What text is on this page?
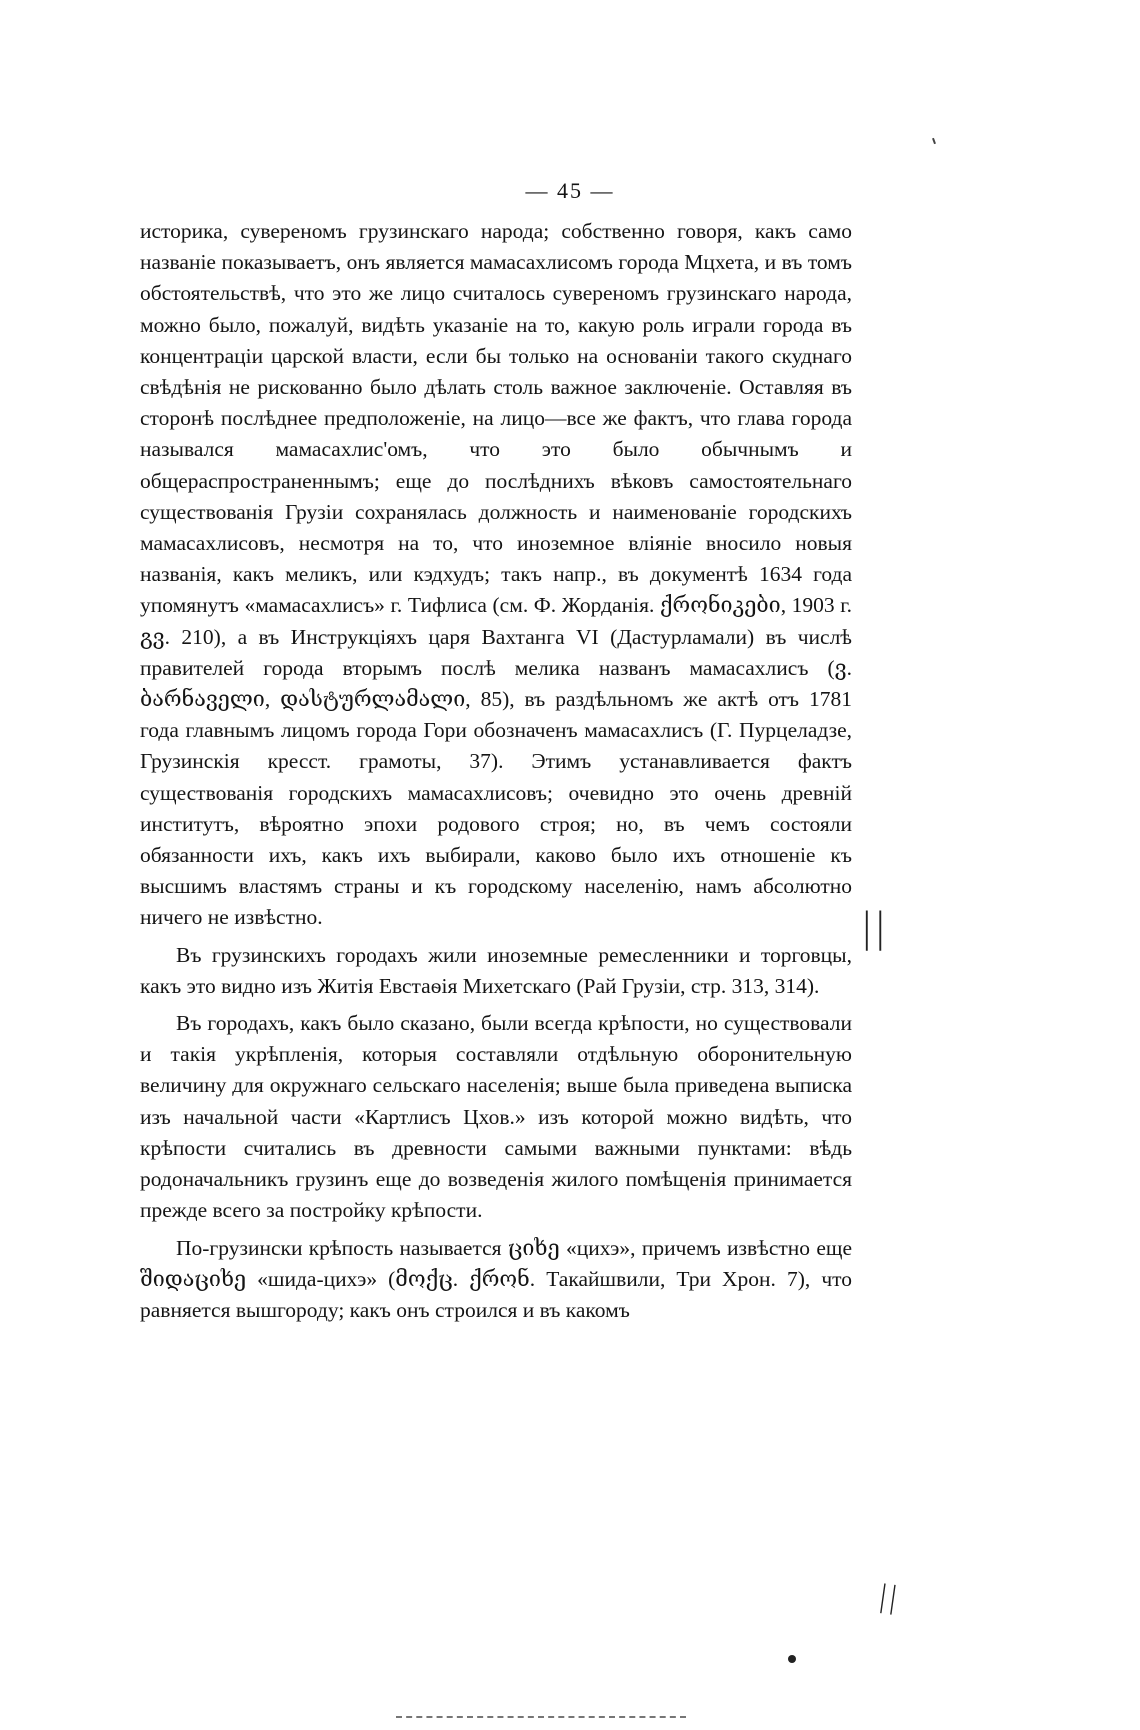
— 45 —

историка, сувереномъ грузинскаго народа; собственно говоря, какъ само названіе показываетъ, онъ является мамасахлисомъ города Мцхета, и въ томъ обстоятельствѣ, что это же лицо считалось сувереномъ грузинскаго народа, можно было, пожалуй, видѣть указаніе на то, какую роль играли города въ концентраціи царской власти, если бы только на основаніи такого скуднаго свѣдѣнія не рискованно было дѣлать столь важное заключеніе. Оставляя въ сторонѣ послѣднее предположеніе, на лицо—все же фактъ, что глава города назывался мамасахлис'омъ, что это было обычнымъ и общераспространеннымъ; еще до послѣднихъ вѣковъ самостоятельнаго существованія Грузіи сохранялась должность и наименованіе городскихъ мамасахлисовъ, несмотря на то, что иноземное вліяніе вносило новыя названія, какъ меликъ, или кэдхудъ; такъ напр., въ документѣ 1634 года упомянутъ «мамасахлисъ» г. Тифлиса (см. Ф. Жорданія. ქრონიკები, 1903 г. გვ. 210), а въ Инструкціяхъ царя Вахтанга VI (Дастурламали) въ числѣ правителей города вторымъ послѣ мелика названъ мамасахлисъ (ვ. ბარნაველი, დასტურლამალი, 85), въ раздѣльномъ же актѣ отъ 1781 года главнымъ лицомъ города Гори обозначенъ мамасахлисъ (Г. Пурцеладзе, Грузинскія кресст. грамоты, 37). Этимъ устанавливается фактъ существованія городскихъ мамасахлисовъ; очевидно это очень древній институтъ, вѣроятно эпохи родового строя; но, въ чемъ состояли обязанности ихъ, какъ ихъ выбирали, каково было ихъ отношеніе къ высшимъ властямъ страны и къ городскому населенію, намъ абсолютно ничего не извѣстно.

Въ грузинскихъ городахъ жили иноземные ремесленники и торговцы, какъ это видно изъ Житія Евстаѳія Михетскаго (Рай Грузіи, стр. 313, 314).

Въ городахъ, какъ было сказано, были всегда крѣпости, но существовали и такія укрѣпленія, которыя составляли отдѣльную оборонительную величину для окружнаго сельскаго населенія; выше была приведена выписка изъ начальной части «Картлисъ Цхов.» изъ которой можно видѣть, что крѣпости считались въ древности самыми важными пунктами: вѣдь родоначальникъ грузинъ еще до возведенія жилого помѣщенія принимается прежде всего за постройку крѣпости.

По-грузински крѣпость называется ციხე «цихэ», причемъ извѣстно еще შიდაციხე «шида-цихэ» (მოქც. ქრონ. Такайшвили, Три Хрон. 7), что равняется вышгороду; какъ онъ строился и въ какомъ

||
||
